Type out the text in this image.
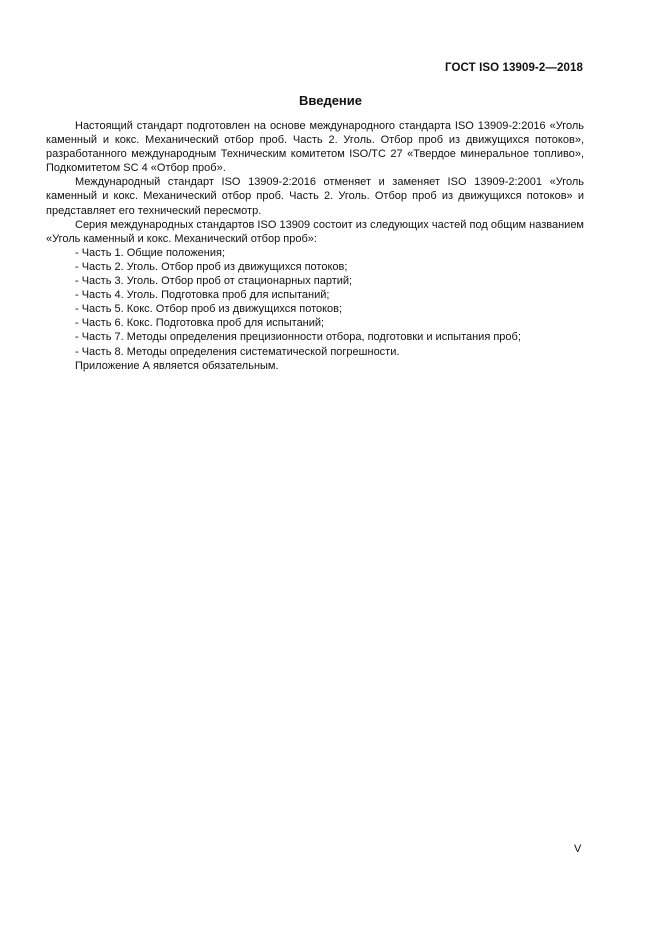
ГОСТ ISO 13909-2—2018
Введение

Настоящий стандарт подготовлен на основе международного стандарта ISO 13909-2:2016 «Уголь каменный и кокс. Механический отбор проб. Часть 2. Уголь. Отбор проб из движущихся потоков», разработанного международным Техническим комитетом ISO/TC 27 «Твердое минеральное топливо», Подкомитетом SC 4 «Отбор проб».

Международный стандарт ISO 13909-2:2016 отменяет и заменяет ISO 13909-2:2001 «Уголь каменный и кокс. Механический отбор проб. Часть 2. Уголь. Отбор проб из движущихся потоков» и представляет его технический пересмотр.

Серия международных стандартов ISO 13909 состоит из следующих частей под общим названием «Уголь каменный и кокс. Механический отбор проб»:

- Часть 1. Общие положения;
- Часть 2. Уголь. Отбор проб из движущихся потоков;
- Часть 3. Уголь. Отбор проб от стационарных партий;
- Часть 4. Уголь. Подготовка проб для испытаний;
- Часть 5. Кокс. Отбор проб из движущихся потоков;
- Часть 6. Кокс. Подготовка проб для испытаний;
- Часть 7. Методы определения прецизионности отбора, подготовки и испытания проб;
- Часть 8. Методы определения систематической погрешности.

Приложение А является обязательным.

V
